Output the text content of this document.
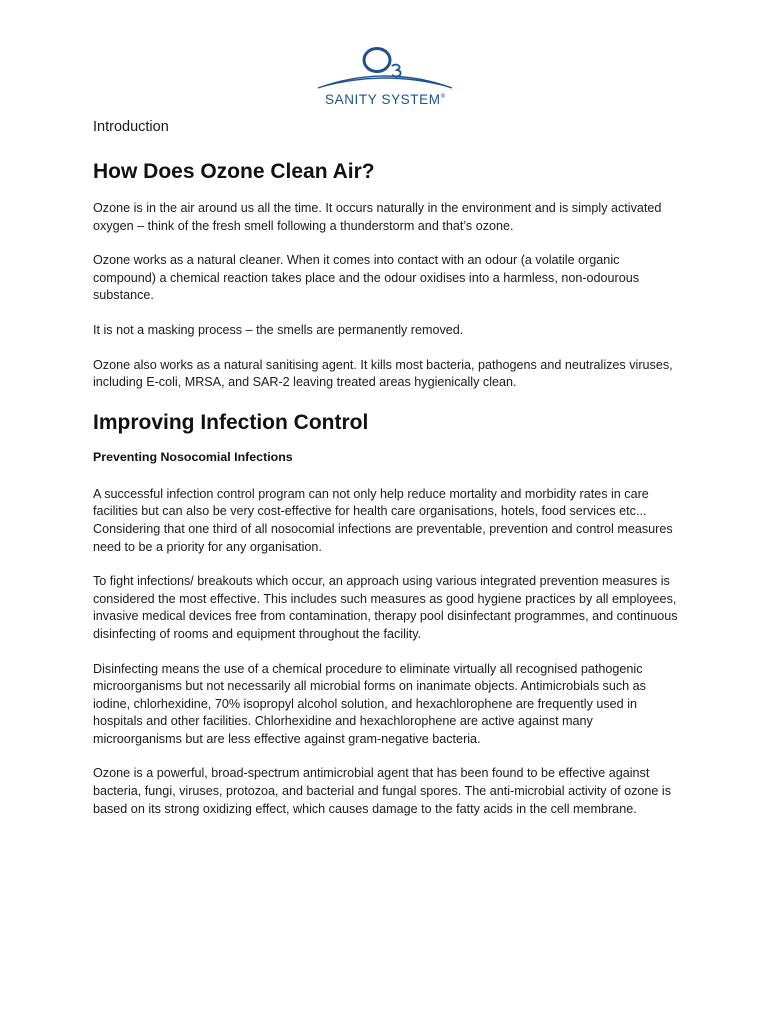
SANITY SYSTEM®

Introduction

How Does Ozone Clean Air?

Ozone is in the air around us all the time. It occurs naturally in the environment and is simply activated oxygen – think of the fresh smell following a thunderstorm and that’s ozone.

Ozone works as a natural cleaner. When it comes into contact with an odour (a volatile organic compound) a chemical reaction takes place and the odour oxidises into a harmless, non-odourous substance.

It is not a masking process – the smells are permanently removed.

Ozone also works as a natural sanitising agent. It kills most bacteria, pathogens and neutralizes viruses, including E-coli, MRSA, and SAR-2 leaving treated areas hygienically clean.

Improving Infection Control
Preventing Nosocomial Infections

A successful infection control program can not only help reduce mortality and morbidity rates in care facilities but can also be very cost-effective for health care organisations, hotels, food services etc... Considering that one third of all nosocomial infections are preventable, prevention and control measures need to be a priority for any organisation.

To fight infections/ breakouts which occur, an approach using various integrated prevention measures is considered the most effective. This includes such measures as good hygiene practices by all employees, invasive medical devices free from contamination, therapy pool disinfectant programmes, and continuous disinfecting of rooms and equipment throughout the facility.

Disinfecting means the use of a chemical procedure to eliminate virtually all recognised pathogenic microorganisms but not necessarily all microbial forms on inanimate objects. Antimicrobials such as iodine, chlorhexidine, 70% isopropyl alcohol solution, and hexachlorophene are frequently used in hospitals and other facilities. Chlorhexidine and hexachlorophene are active against many microorganisms but are less effective against gram-negative bacteria.

Ozone is a powerful, broad-spectrum antimicrobial agent that has been found to be effective against bacteria, fungi, viruses, protozoa, and bacterial and fungal spores. The anti-microbial activity of ozone is based on its strong oxidizing effect, which causes damage to the fatty acids in the cell membrane.
